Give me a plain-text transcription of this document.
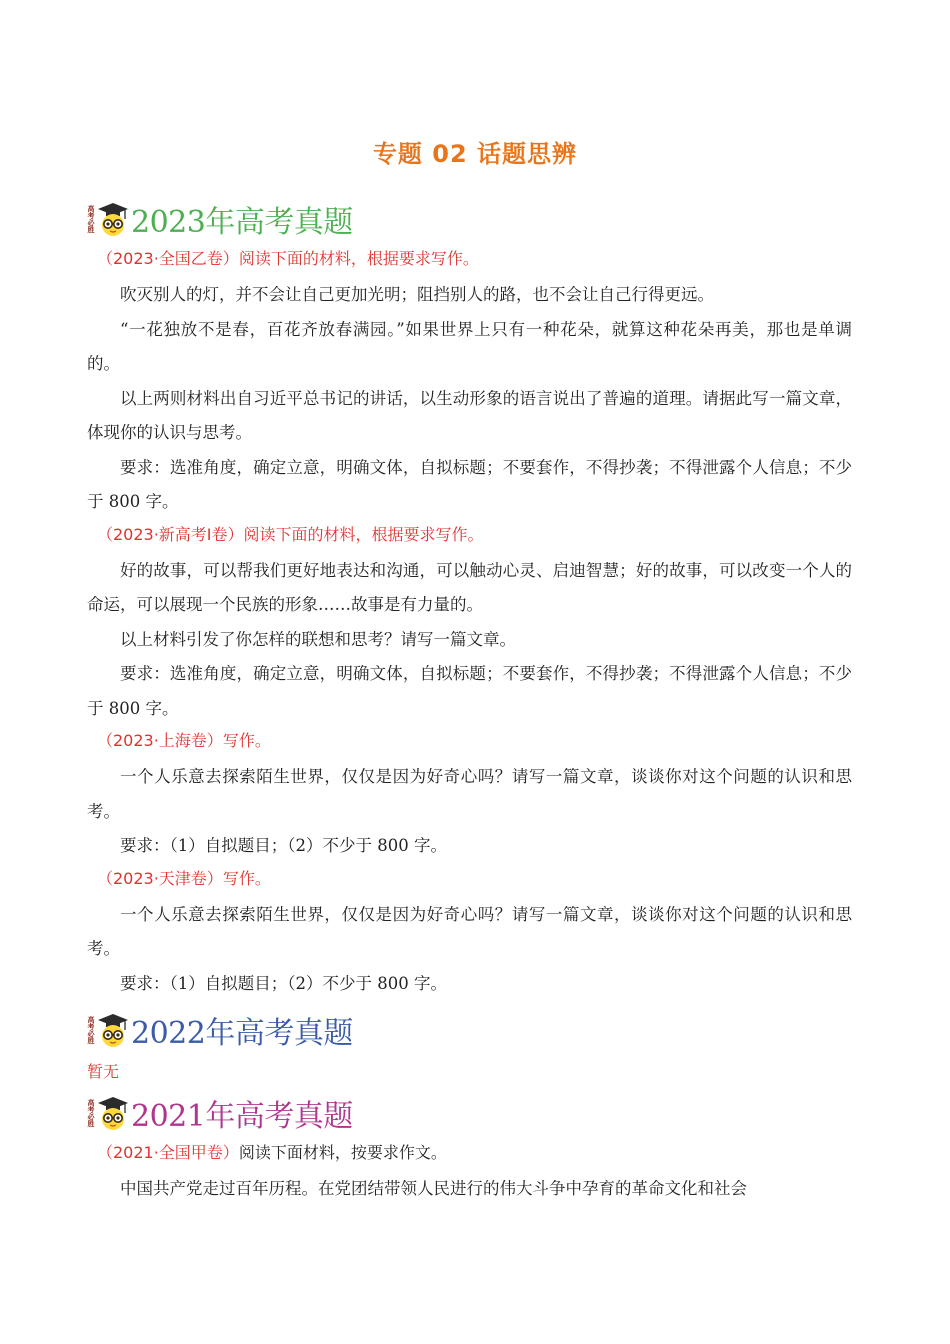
专题 02 话题思辨
高考必胜 2023年高考真题
（2023·全国乙卷）阅读下面的材料，根据要求写作。

吹灭别人的灯，并不会让自己更加光明；阻挡别人的路，也不会让自己行得更远。

“一花独放不是春，百花齐放春满园。”如果世界上只有一种花朵，就算这种花朵再美，那也是单调的。

以上两则材料出自习近平总书记的讲话，以生动形象的语言说出了普遍的道理。请据此写一篇文章，体现你的认识与思考。

要求：选准角度，确定立意，明确文体，自拟标题；不要套作，不得抄袭；不得泄露个人信息；不少于 800 字。

（2023·新高考Ⅰ卷）阅读下面的材料，根据要求写作。

好的故事，可以帮我们更好地表达和沟通，可以触动心灵、启迪智慧；好的故事，可以改变一个人的命运，可以展现一个民族的形象……故事是有力量的。

以上材料引发了你怎样的联想和思考？请写一篇文章。

要求：选准角度，确定立意，明确文体，自拟标题；不要套作，不得抄袭；不得泄露个人信息；不少于 800 字。

（2023·上海卷）写作。

一个人乐意去探索陌生世界，仅仅是因为好奇心吗？请写一篇文章，谈谈你对这个问题的认识和思考。

要求：（1）自拟题目；（2）不少于 800 字。

（2023·天津卷）写作。

一个人乐意去探索陌生世界，仅仅是因为好奇心吗？请写一篇文章，谈谈你对这个问题的认识和思考。

要求：（1）自拟题目；（2）不少于 800 字。

高考必胜 2022年高考真题
暂无
高考必胜 2021年高考真题
（2021·全国甲卷）阅读下面材料，按要求作文。

中国共产党走过百年历程。在党团结带领人民进行的伟大斗争中孕育的革命文化和社会
